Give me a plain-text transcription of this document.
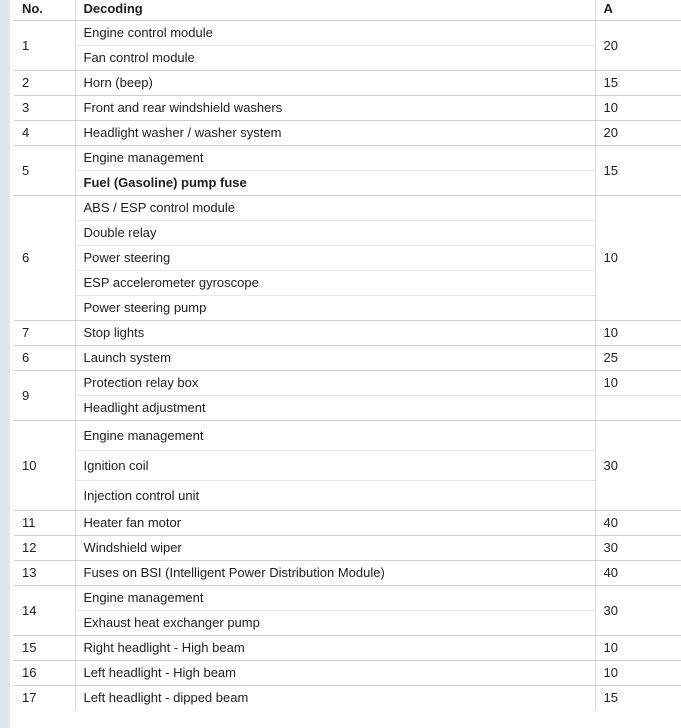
No.	Decoding	A
1	Engine control module	20
	Fan control module	
2	Horn (beep)	15
3	Front and rear windshield washers	10
4	Headlight washer / washer system	20
5	Engine management	15
	Fuel (Gasoline) pump fuse	
6	ABS / ESP control module	10
	Double relay	
	Power steering	
	ESP accelerometer gyroscope	
	Power steering pump	
7	Stop lights	10
6	Launch system	25
9	Protection relay box	10
	Headlight adjustment	
10	Engine management	30
	Ignition coil	
	Injection control unit	
11	Heater fan motor	40
12	Windshield wiper	30
13	Fuses on BSI (Intelligent Power Distribution Module)	40
14	Engine management	30
	Exhaust heat exchanger pump	
15	Right headlight - High beam	10
16	Left headlight - High beam	10
17	Left headlight - dipped beam	15
